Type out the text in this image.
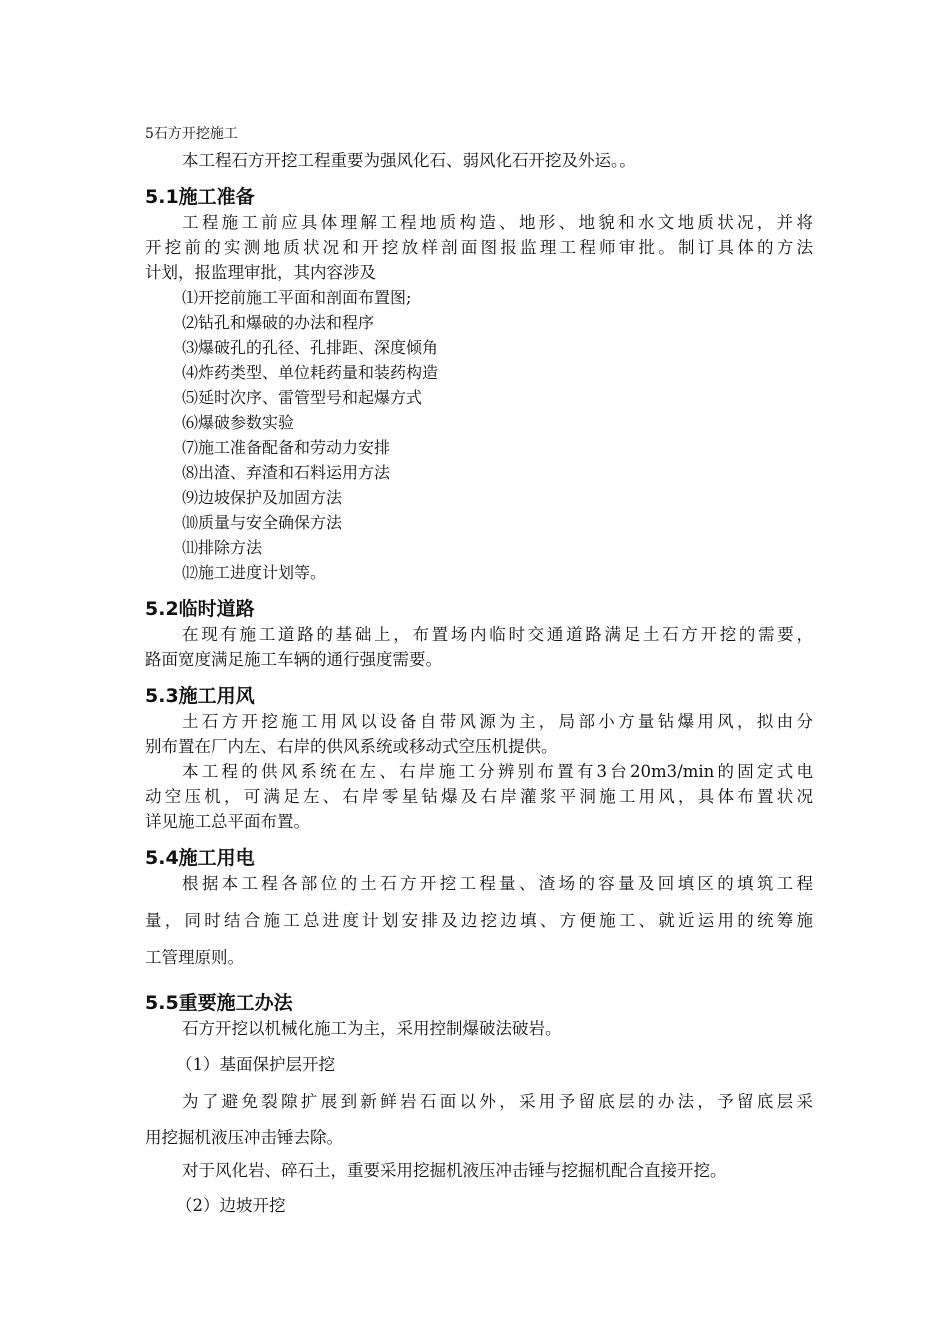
5石方开挖施工
本工程石方开挖工程重要为强风化石、弱风化石开挖及外运。。
5.1施工准备
工程施工前应具体理解工程地质构造、地形、地貌和水文地质状况，并将
开挖前的实测地质状况和开挖放样剖面图报监理工程师审批。制订具体的方法
计划，报监理审批，其内容涉及
⑴开挖前施工平面和剖面布置图;
⑵钻孔和爆破的办法和程序
⑶爆破孔的孔径、孔排距、深度倾角
⑷炸药类型、单位耗药量和装药构造
⑸延时次序、雷管型号和起爆方式
⑹爆破参数实验
⑺施工准备配备和劳动力安排
⑻出渣、弃渣和石料运用方法
⑼边坡保护及加固方法
⑽质量与安全确保方法
⑾排除方法
⑿施工进度计划等。
5.2临时道路
在现有施工道路的基础上，布置场内临时交通道路满足土石方开挖的需要，
路面宽度满足施工车辆的通行强度需要。
5.3施工用风
土石方开挖施工用风以设备自带风源为主，局部小方量钻爆用风，拟由分
别布置在厂内左、右岸的供风系统或移动式空压机提供。
本工程的供风系统在左、右岸施工分辨别布置有3台20m3/min的固定式电
动空压机，可满足左、右岸零星钻爆及右岸灌浆平洞施工用风，具体布置状况
详见施工总平面布置。
5.4施工用电
根据本工程各部位的土石方开挖工程量、渣场的容量及回填区的填筑工程
量，同时结合施工总进度计划安排及边挖边填、方便施工、就近运用的统筹施
工管理原则。
5.5重要施工办法
石方开挖以机械化施工为主，采用控制爆破法破岩。
（1）基面保护层开挖
为了避免裂隙扩展到新鲜岩石面以外，采用予留底层的办法，予留底层采
用挖掘机液压冲击锤去除。
对于风化岩、碎石土，重要采用挖掘机液压冲击锤与挖掘机配合直接开挖。
（2）边坡开挖
